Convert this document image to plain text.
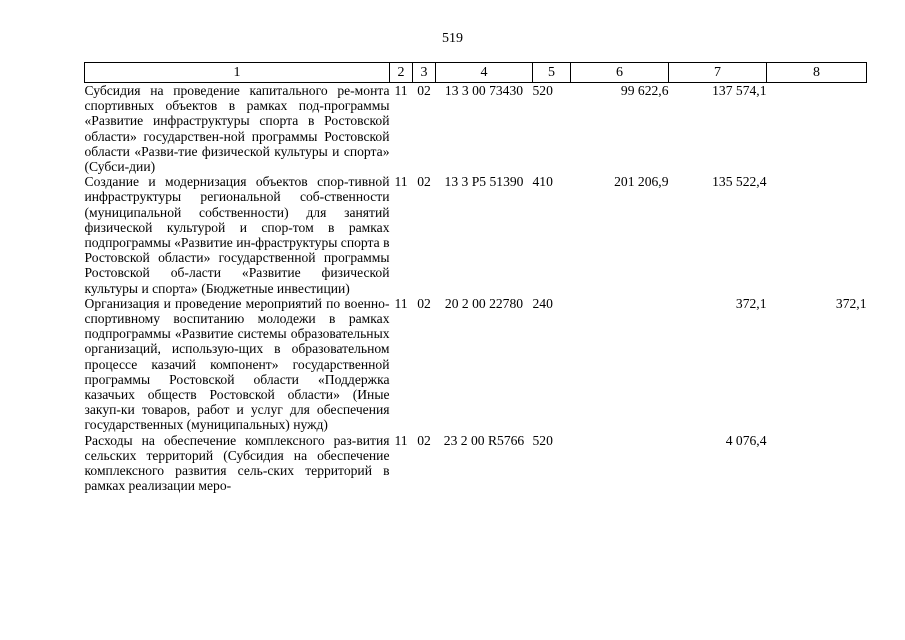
519
1	2	3	4	5	6	7	8
Субсидия на проведение капитального ре-монта спортивных объектов в рамках под-программы «Развитие инфраструктуры спорта в Ростовской области» государствен-ной программы Ростовской области «Разви-тие физической культуры и спорта» (Субси-дии)	11	02	13 3 00 73430	520	99 622,6	137 574,1	
Создание и модернизация объектов спор-тивной инфраструктуры региональной соб-ственности (муниципальной собственности) для занятий физической культурой и спор-том в рамках подпрограммы «Развитие ин-фраструктуры спорта в Ростовской области» государственной программы Ростовской об-ласти «Развитие физической культуры и спорта» (Бюджетные инвестиции)	11	02	13 3 P5 51390	410	201 206,9	135 522,4	
Организация и проведение мероприятий по военно-спортивному воспитанию молодежи в рамках подпрограммы «Развитие системы образовательных организаций, использую-щих в образовательном процессе казачий компонент» государственной программы Ростовской области «Поддержка казачьих обществ Ростовской области» (Иные закуп-ки товаров, работ и услуг для обеспечения государственных (муниципальных) нужд)	11	02	20 2 00 22780	240		372,1	372,1
Расходы на обеспечение комплексного раз-вития сельских территорий (Субсидия на обеспечение комплексного развития сель-ских территорий в рамках реализации меро-	11	02	23 2 00 R5766	520		4 076,4	
